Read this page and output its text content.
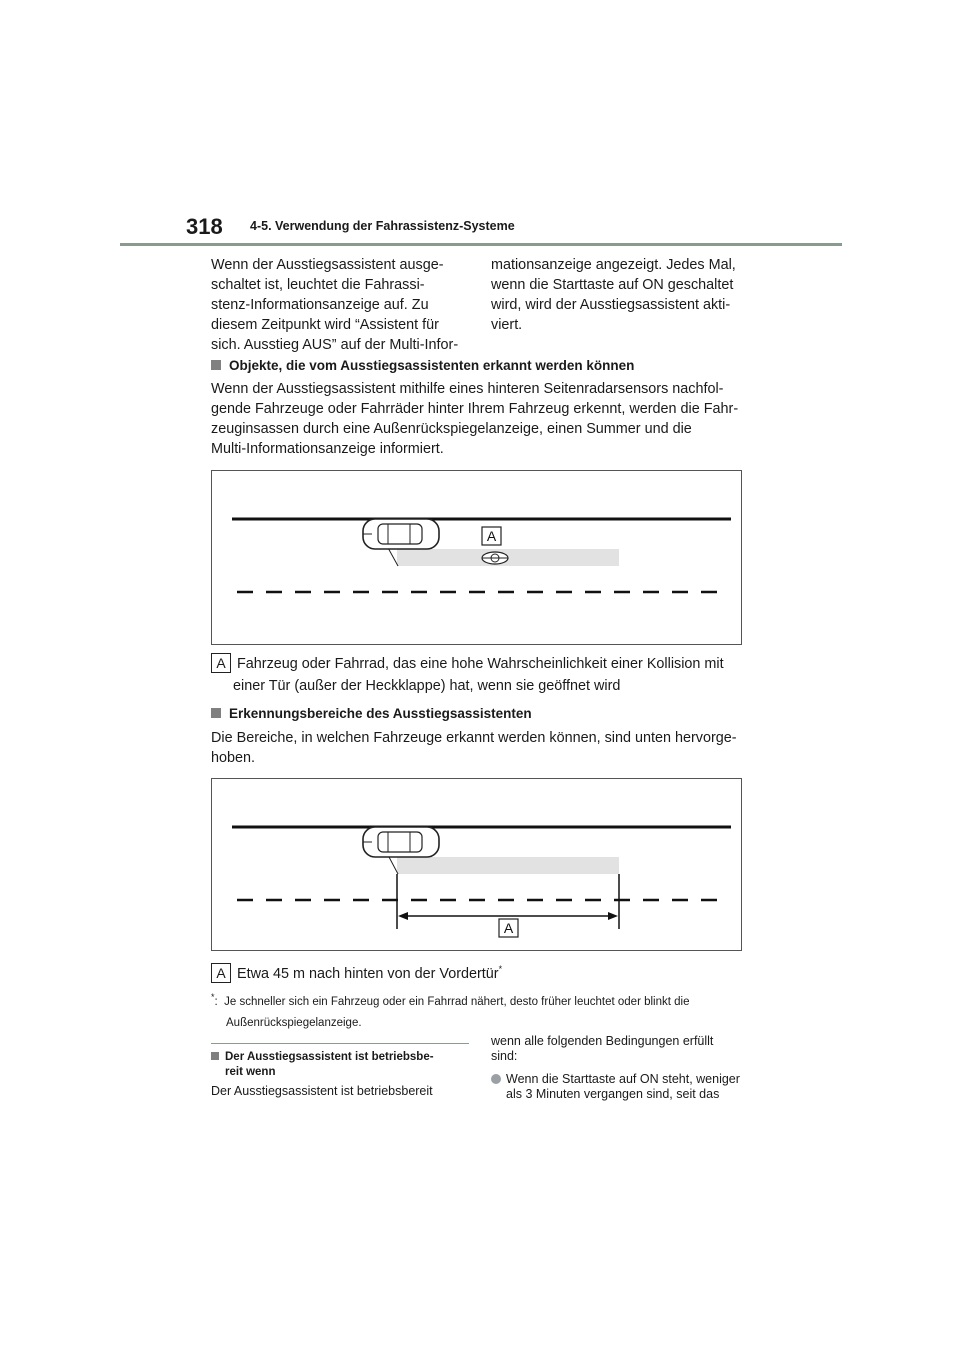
318 4-5. Verwendung der Fahrassistenz-Systeme
Wenn der Ausstiegsassistent ausge-
schaltet ist, leuchtet die Fahrassi-
stenz-Informationsanzeige auf. Zu
diesem Zeitpunkt wird “Assistent für
sich. Ausstieg AUS” auf der Multi-Infor-
mationsanzeige angezeigt. Jedes Mal,
wenn die Starttaste auf ON geschaltet
wird, wird der Ausstiegsassistent akti-
viert.
Objekte, die vom Ausstiegsassistenten erkannt werden können
Wenn der Ausstiegsassistent mithilfe eines hinteren Seitenradarsensors nachfol-
gende Fahrzeuge oder Fahrräder hinter Ihrem Fahrzeug erkennt, werden die Fahr-
zeuginsassen durch eine Außenrückspiegelanzeige, einen Summer und die
Multi-Informationsanzeige informiert.
A
A Fahrzeug oder Fahrrad, das eine hohe Wahrscheinlichkeit einer Kollision mit
einer Tür (außer der Heckklappe) hat, wenn sie geöffnet wird
Erkennungsbereiche des Ausstiegsassistenten
Die Bereiche, in welchen Fahrzeuge erkannt werden können, sind unten hervorge-
hoben.
A
A Etwa 45 m nach hinten von der Vordertür*
*: Je schneller sich ein Fahrzeug oder ein Fahrrad nähert, desto früher leuchtet oder blinkt die
Außenrückspiegelanzeige.
Der Ausstiegsassistent ist betriebsbe-
reit wenn
Der Ausstiegsassistent ist betriebsbereit
wenn alle folgenden Bedingungen erfüllt
sind:
Wenn die Starttaste auf ON steht, weniger
als 3 Minuten vergangen sind, seit das
